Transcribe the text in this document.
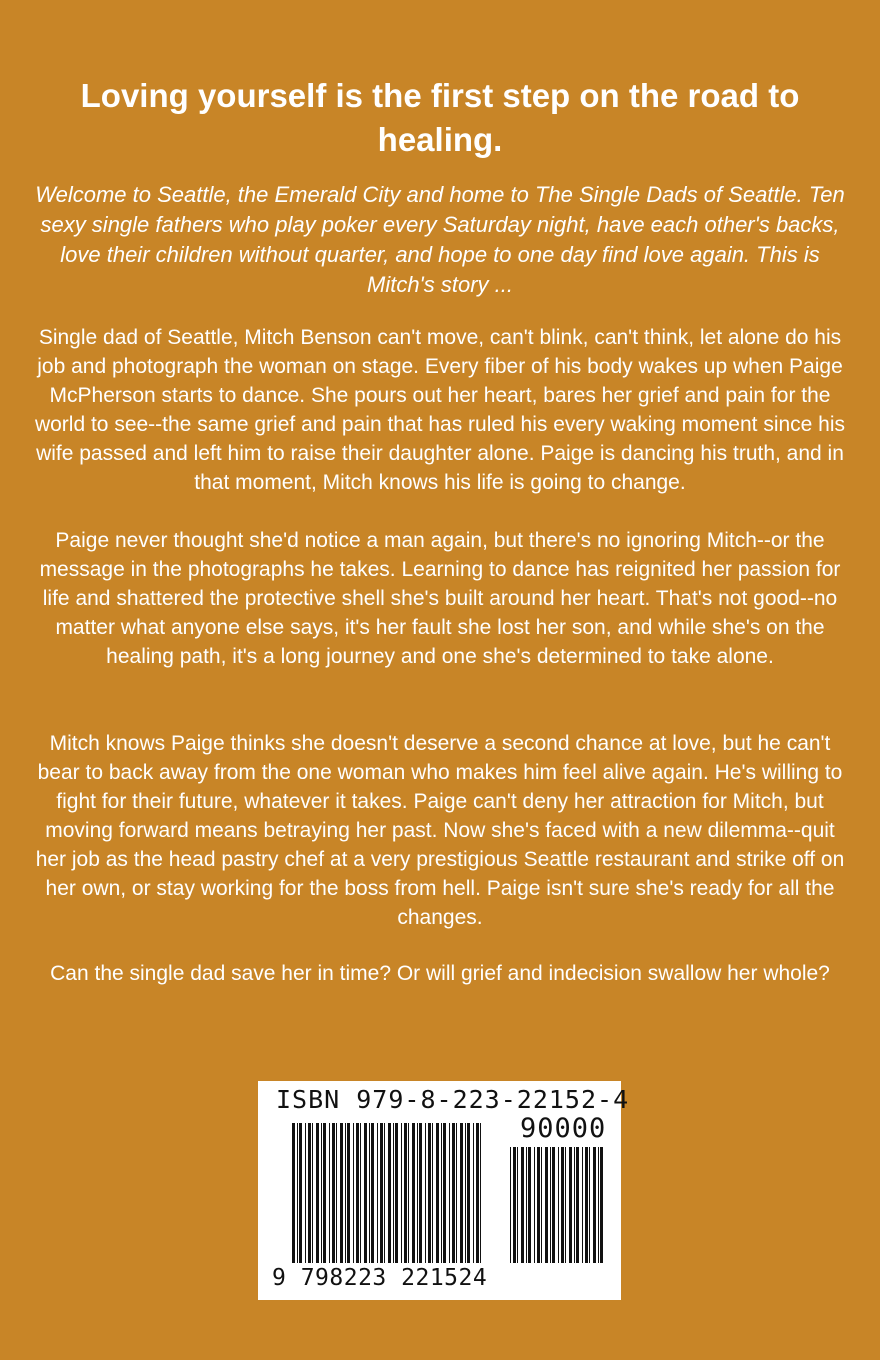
Loving yourself is the first step on the road to healing.

Welcome to Seattle, the Emerald City and home to The Single Dads of Seattle. Ten sexy single fathers who play poker every Saturday night, have each other's backs, love their children without quarter, and hope to one day find love again. This is Mitch's story ...

Single dad of Seattle, Mitch Benson can't move, can't blink, can't think, let alone do his job and photograph the woman on stage. Every fiber of his body wakes up when Paige McPherson starts to dance. She pours out her heart, bares her grief and pain for the world to see--the same grief and pain that has ruled his every waking moment since his wife passed and left him to raise their daughter alone. Paige is dancing his truth, and in that moment, Mitch knows his life is going to change.

Paige never thought she'd notice a man again, but there's no ignoring Mitch--or the message in the photographs he takes. Learning to dance has reignited her passion for life and shattered the protective shell she's built around her heart. That's not good--no matter what anyone else says, it's her fault she lost her son, and while she's on the healing path, it's a long journey and one she's determined to take alone.

Mitch knows Paige thinks she doesn't deserve a second chance at love, but he can't bear to back away from the one woman who makes him feel alive again. He's willing to fight for their future, whatever it takes. Paige can't deny her attraction for Mitch, but moving forward means betraying her past. Now she's faced with a new dilemma--quit her job as the head pastry chef at a very prestigious Seattle restaurant and strike off on her own, or stay working for the boss from hell. Paige isn't sure she's ready for all the changes.

Can the single dad save her in time? Or will grief and indecision swallow her whole?

ISBN 979-8-223-22152-4
90000
9 798223 221524
